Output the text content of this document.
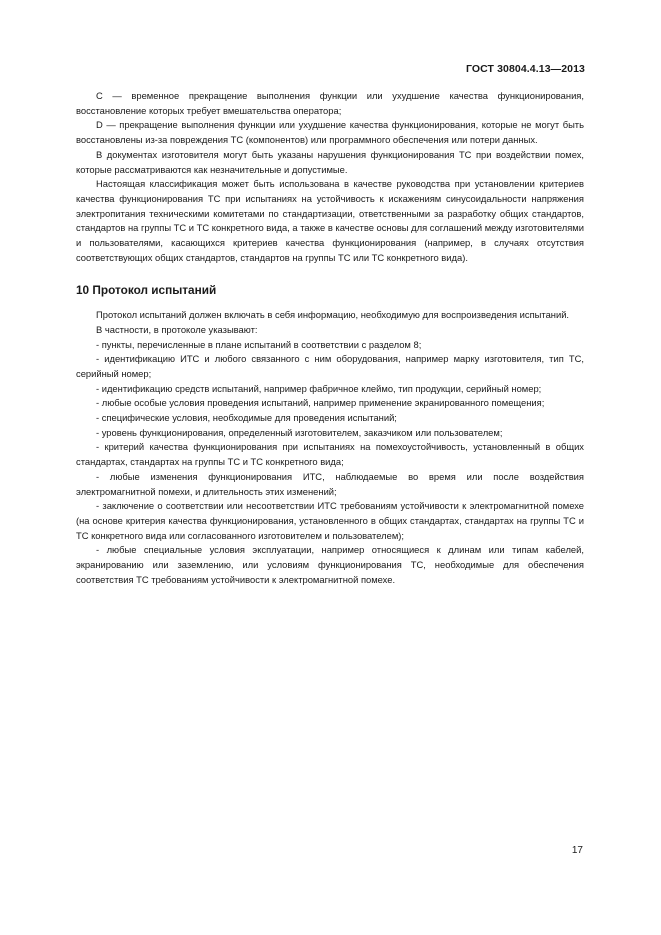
ГОСТ 30804.4.13—2013

C — временное прекращение выполнения функции или ухудшение качества функционирования, восстановление которых требует вмешательства оператора;

D — прекращение выполнения функции или ухудшение качества функционирования, которые не могут быть восстановлены из-за повреждения ТС (компонентов) или программного обеспечения или потери данных.

В документах изготовителя могут быть указаны нарушения функционирования ТС при воздействии помех, которые рассматриваются как незначительные и допустимые.

Настоящая классификация может быть использована в качестве руководства при установлении критериев качества функционирования ТС при испытаниях на устойчивость к искажениям синусоидальности напряжения электропитания техническими комитетами по стандартизации, ответственными за разработку общих стандартов, стандартов на группы ТС и ТС конкретного вида, а также в качестве основы для соглашений между изготовителями и пользователями, касающихся критериев качества функционирования (например, в случаях отсутствия соответствующих общих стандартов, стандартов на группы ТС или ТС конкретного вида).

10 Протокол испытаний

Протокол испытаний должен включать в себя информацию, необходимую для воспроизведения испытаний.

В частности, в протоколе указывают:

- пункты, перечисленные в плане испытаний в соответствии с разделом 8;

- идентификацию ИТС и любого связанного с ним оборудования, например марку изготовителя, тип ТС, серийный номер;

- идентификацию средств испытаний, например фабричное клеймо, тип продукции, серийный номер;

- любые особые условия проведения испытаний, например применение экранированного помещения;

- специфические условия, необходимые для проведения испытаний;

- уровень функционирования, определенный изготовителем, заказчиком или пользователем;

- критерий качества функционирования при испытаниях на помехоустойчивость, установленный в общих стандартах, стандартах на группы ТС и ТС конкретного вида;

- любые изменения функционирования ИТС, наблюдаемые во время или после воздействия электромагнитной помехи, и длительность этих изменений;

- заключение о соответствии или несоответствии ИТС требованиям устойчивости к электромагнитной помехе (на основе критерия качества функционирования, установленного в общих стандартах, стандартах на группы ТС и ТС конкретного вида или согласованного изготовителем и пользователем);

- любые специальные условия эксплуатации, например относящиеся к длинам или типам кабелей, экранированию или заземлению, или условиям функционирования ТС, необходимые для обеспечения соответствия ТС требованиям устойчивости к электромагнитной помехе.

17
